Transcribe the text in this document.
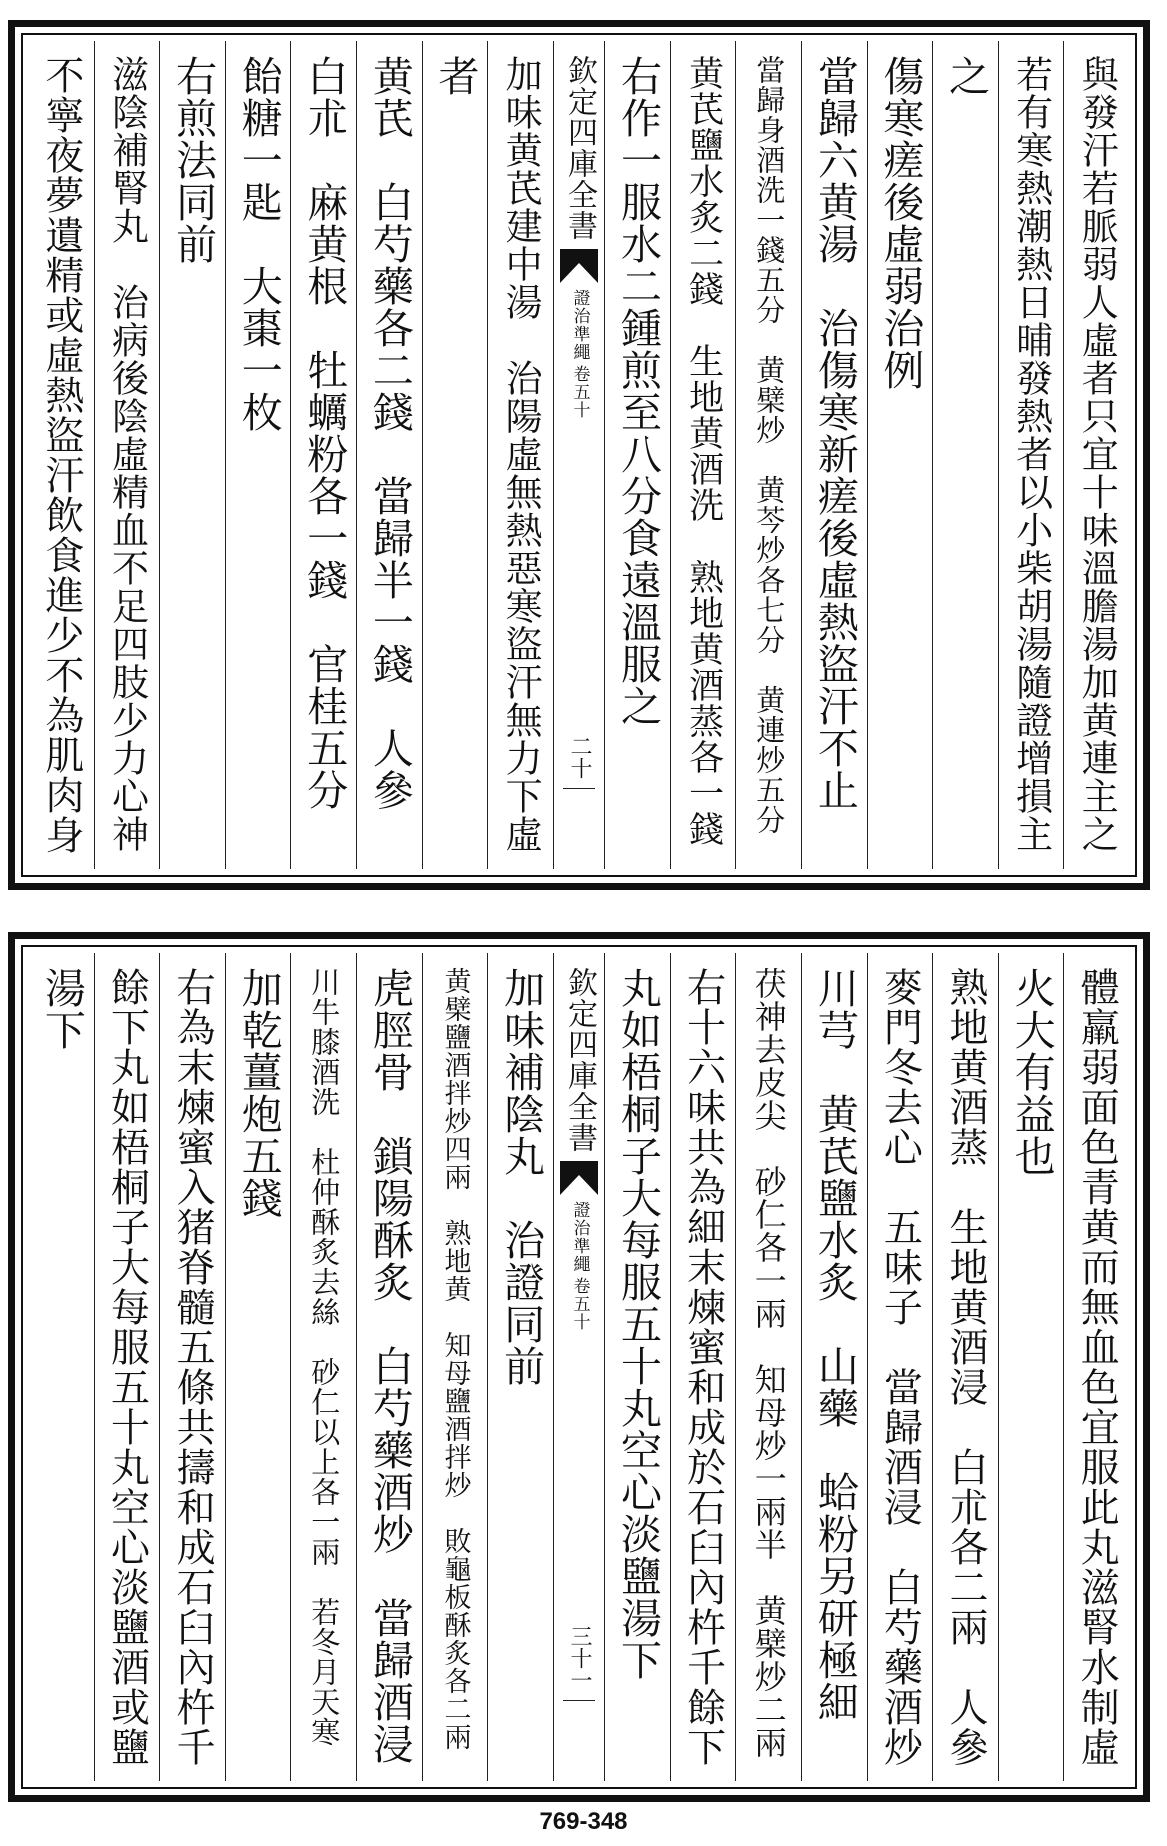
與發汗若脈弱人虛者只宜十味溫膽湯加黄連主之
若有寒熱潮熱日晡發熱者以小柴胡湯隨證增損主
之
傷寒瘥後虛弱治例
當歸六黄湯　治傷寒新瘥後虛熱盜汗不止
當歸身酒洗一錢五分　黄檗炒　黄芩炒各七分　黄連炒五分
黄芪鹽水炙二錢　生地黄酒洗　熟地黄酒蒸各一錢
右作一服水二鍾煎至八分食遠溫服之
欽定四庫全書
證治準繩
卷五十
二十
加味黄芪建中湯　治陽虛無熱惡寒盜汗無力下虛
者
黄芪　白芍藥各二錢　當歸半一錢　人參
白朮　麻黄根　牡蠣粉各一錢　官桂五分
飴糖一匙　大棗一枚
右煎法同前
滋陰補腎丸　治病後陰虛精血不足四肢少力心神
不寧夜夢遺精或虛熱盜汗飲食進少不為肌肉身
體羸弱面色青黄而無血色宜服此丸滋腎水制虛
火大有益也
熟地黄酒蒸　生地黄酒浸　白朮各二兩　人參
麥門冬去心　五味子　當歸酒浸　白芍藥酒炒
川芎　黄芪鹽水炙　山藥　蛤粉另研極細
茯神去皮尖　砂仁各一兩　知母炒一兩半　黄檗炒二兩
右十六味共為細末煉蜜和成於石臼內杵千餘下
丸如梧桐子大每服五十丸空心淡鹽湯下
欽定四庫全書
證治準繩
卷五十
三十一
加味補陰丸　治證同前
黄檗鹽酒拌炒四兩　熟地黄　知母鹽酒拌炒　敗龜板酥炙各二兩
虎脛骨　鎖陽酥炙　白芍藥酒炒　當歸酒浸
川牛膝酒洗　杜仲酥炙去絲　砂仁以上各一兩　若冬月天寒
加乾薑炮五錢
右為末煉蜜入猪脊髓五條共擣和成石臼內杵千
餘下丸如梧桐子大每服五十丸空心淡鹽酒或鹽
湯下
769-348
